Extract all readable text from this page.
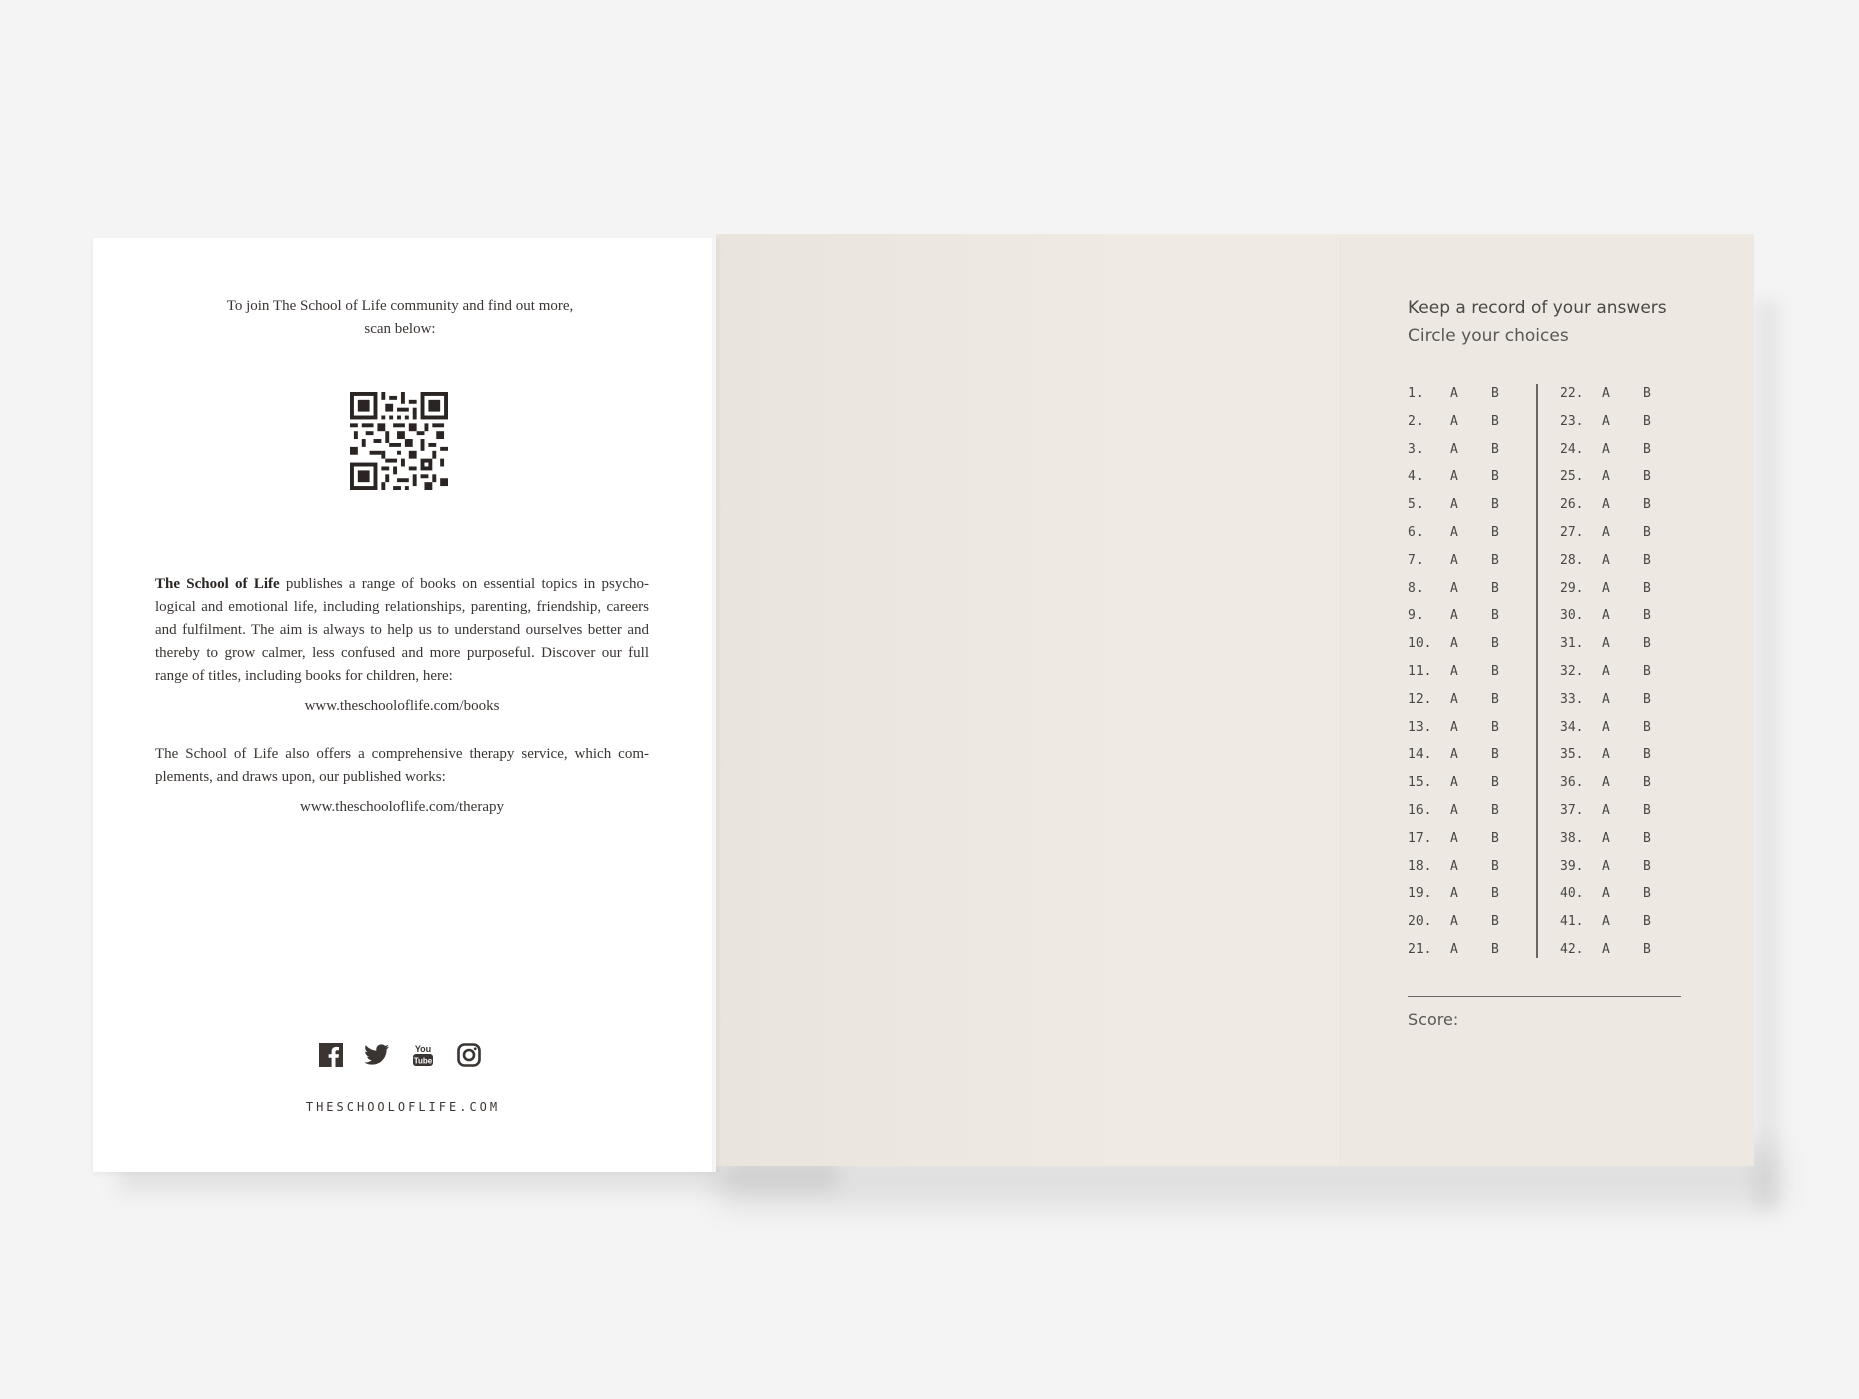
To join The School of Life community and find out more,
scan below:
The School of Life publishes a range of books on essential topics in psycho-logical and emotional life, including relationships, parenting, friendship, careers and fulfilment. The aim is always to help us to understand ourselves better and thereby to grow calmer, less confused and more purposeful. Discover our full range of titles, including books for children, here:
www.theschooloflife.com/books
The School of Life also offers a comprehensive therapy service, which com-plements, and draws upon, our published works:
www.theschooloflife.com/therapy
You
Tube
THESCHOOLOFLIFE.COM
Keep a record of your answers
Circle your choices
1. A	B
2. A	B
3. A	B
4. A	B
5. A	B
6. A	B
7. A	B
8. A	B
9. A	B
10. A	B
11. A	B
12. A	B
13. A	B
14. A	B
15. A	B
16. A	B
17. A	B
18. A	B
19. A	B
20. A	B
21. A	B
22. A	B
23. A	B
24. A	B
25. A	B
26. A	B
27. A	B
28. A	B
29. A	B
30. A	B
31. A	B
32. A	B
33. A	B
34. A	B
35. A	B
36. A	B
37. A	B
38. A	B
39. A	B
40. A	B
41. A	B
42. A	B
Score:
